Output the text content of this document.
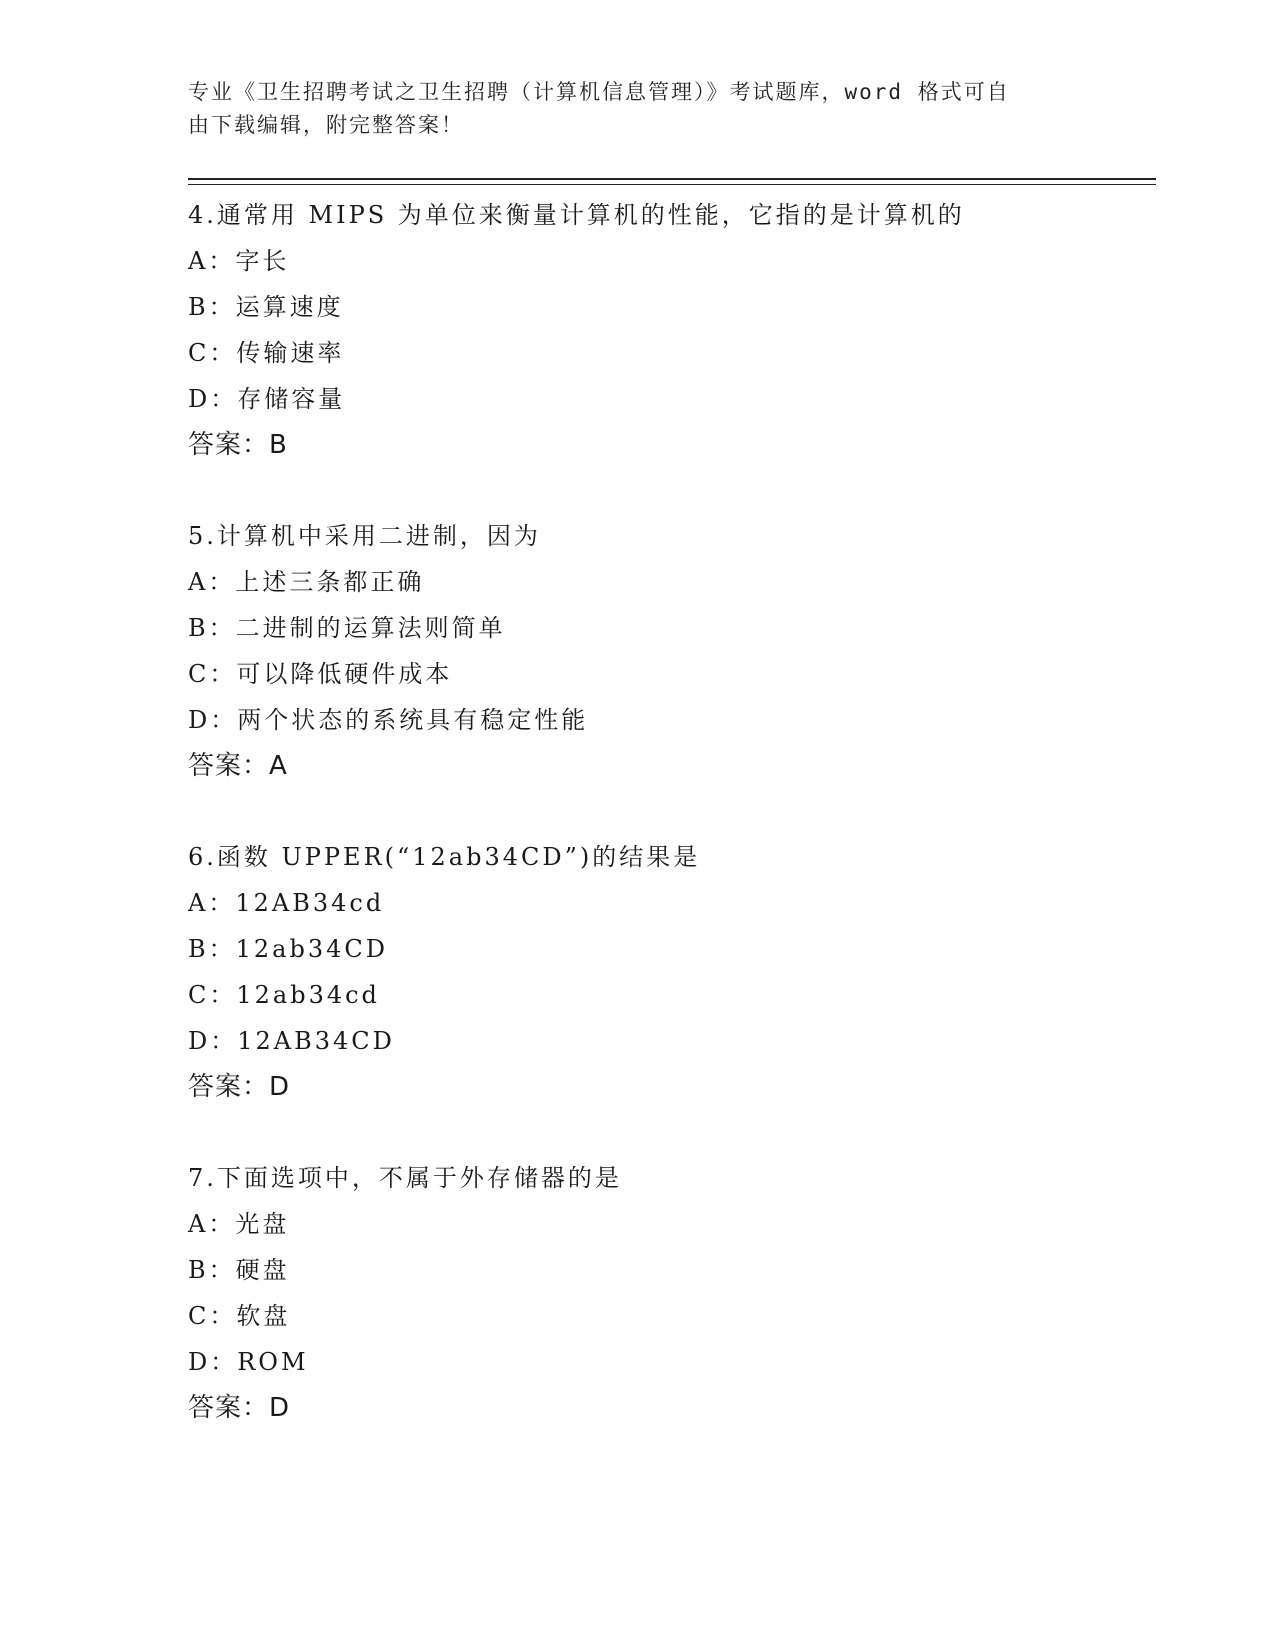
专业《卫生招聘考试之卫生招聘（计算机信息管理）》考试题库，word 格式可自
由下载编辑，附完整答案！
4.通常用 MIPS 为单位来衡量计算机的性能，它指的是计算机的
A：字长
B：运算速度
C：传输速率
D：存储容量
答案：B
5.计算机中采用二进制，因为
A：上述三条都正确
B：二进制的运算法则简单
C：可以降低硬件成本
D：两个状态的系统具有稳定性能
答案：A
6.函数 UPPER(“12ab34CD”)的结果是
A：12AB34cd
B：12ab34CD
C：12ab34cd
D：12AB34CD
答案：D
7.下面选项中，不属于外存储器的是
A：光盘
B：硬盘
C：软盘
D：ROM
答案：D
